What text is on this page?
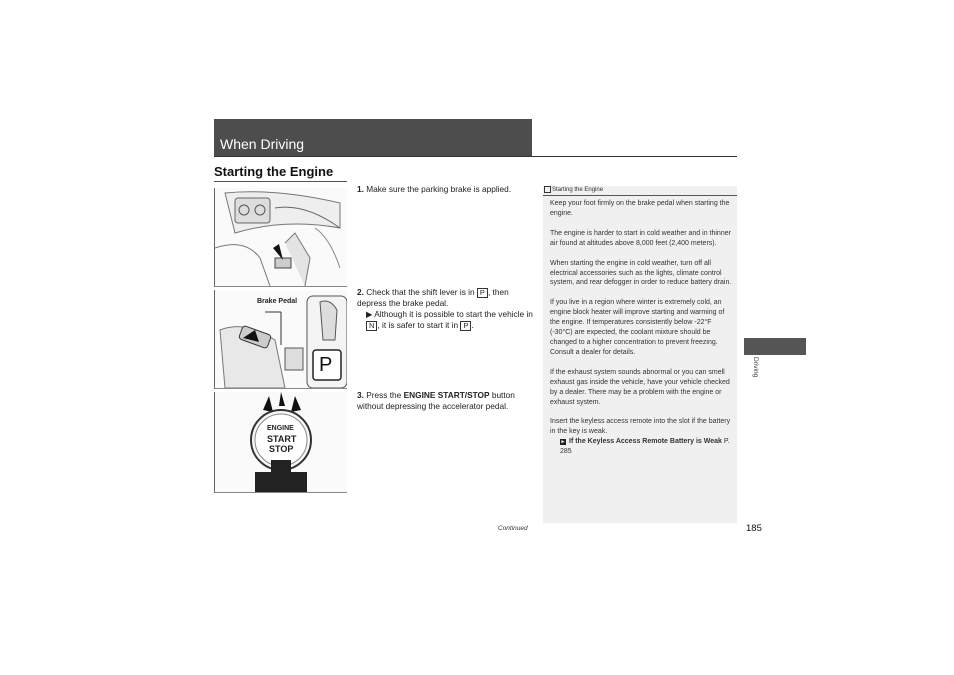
When Driving
Starting the Engine
Brake Pedal
P
ENGINE
START
STOP
1. Make sure the parking brake is applied.
2. Check that the shift lever is in P , then depress the brake pedal.
▶ Although it is possible to start the vehicle in N , it is safer to start it in P .
3. Press the ENGINE START/STOP button without depressing the accelerator pedal.
Starting the Engine

Keep your foot firmly on the brake pedal when starting the engine.

The engine is harder to start in cold weather and in thinner air found at altitudes above 8,000 feet (2,400 meters).

When starting the engine in cold weather, turn off all electrical accessories such as the lights, climate control system, and rear defogger in order to reduce battery drain.

If you live in a region where winter is extremely cold, an engine block heater will improve starting and warming of the engine. If temperatures consistently below -22°F (-30°C) are expected, the coolant mixture should be changed to a higher concentration to prevent freezing. Consult a dealer for details.

If the exhaust system sounds abnormal or you can smell exhaust gas inside the vehicle, have your vehicle checked by a dealer. There may be a problem with the engine or exhaust system.

Insert the keyless access remote into the slot if the battery in the key is weak.

► If the Keyless Access Remote Battery is Weak P. 285
Driving
Continued	185
